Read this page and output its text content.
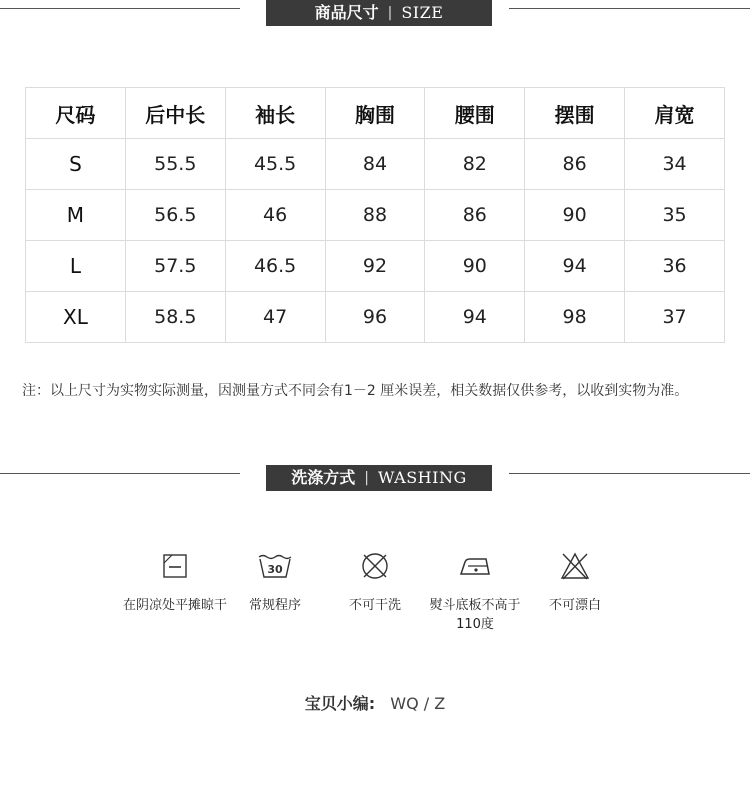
商品尺寸 | SIZE
尺码	后中长	袖长	胸围	腰围	摆围	肩宽
S	55.5	45.5	84	82	86	34
M	56.5	46	88	86	90	35
L	57.5	46.5	92	90	94	36
XL	58.5	47	96	94	98	37
注：以上尺寸为实物实际测量，因测量方式不同会有1－2 厘米误差，相关数据仅供参考，以收到实物为准。
洗涤方式 | WASHING
在阴凉处平摊晾干
30
常规程序	不可干洗	熨斗底板不高于110度
不可漂白
宝贝小编: WQ / Z
